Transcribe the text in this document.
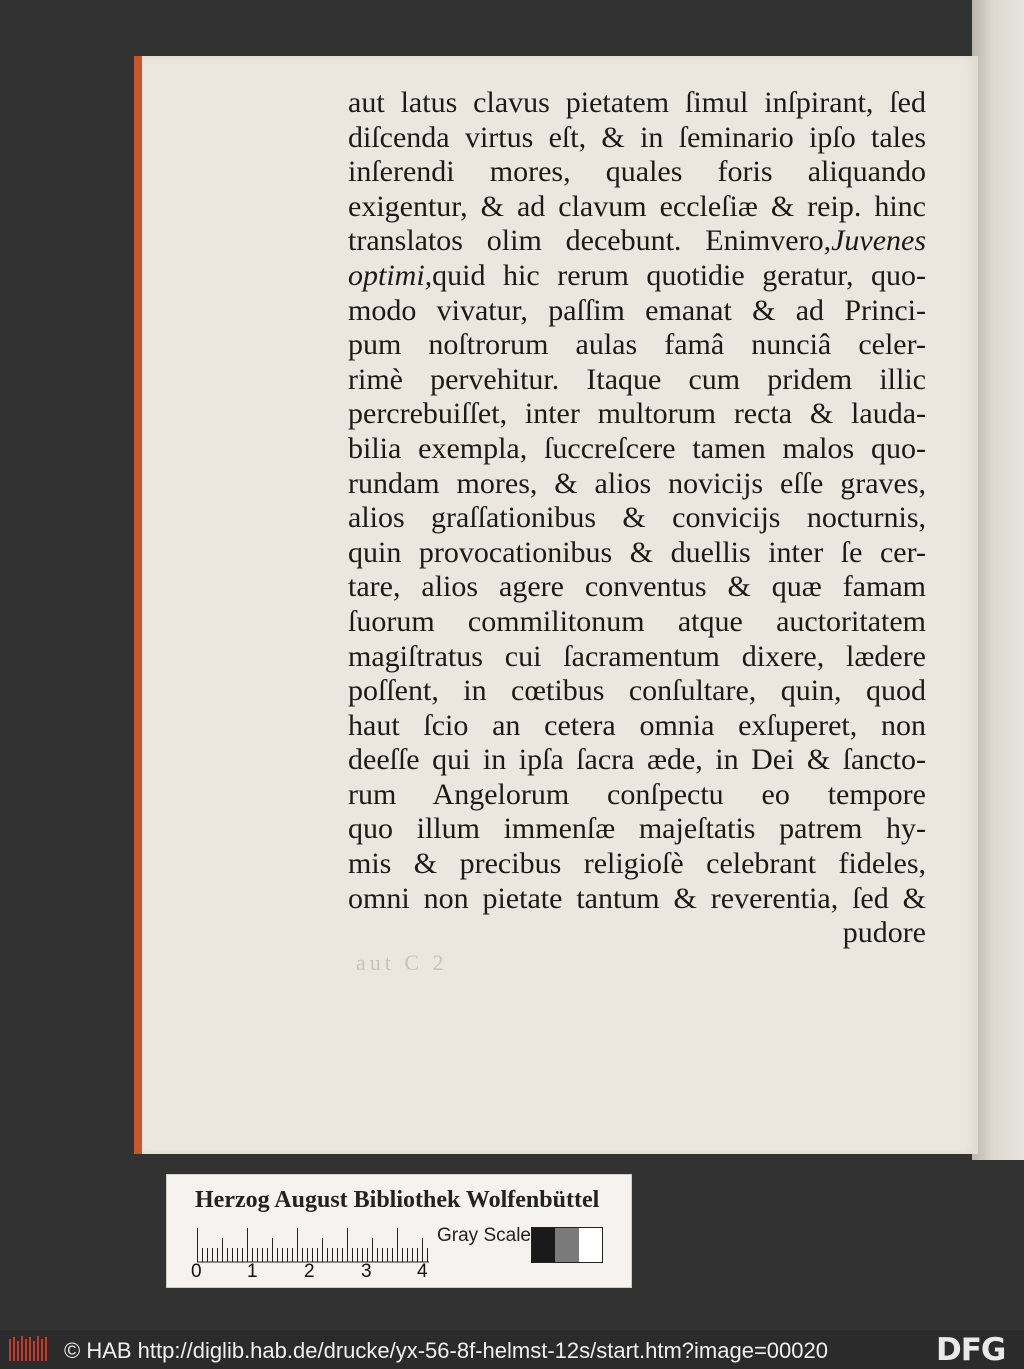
aut latus clavus pietatem ſimul inſpirant, ſed
diſcenda virtus eſt, & in ſeminario ipſo tales
inſerendi mores, quales foris aliquando
exigentur, & ad clavum eccleſiæ & reip. hinc
translatos olim decebunt. Enimvero,Juvenes
optimi,quid hic rerum quotidie geratur, quo-
modo vivatur, paſſim emanat & ad Princi-
pum noſtrorum aulas famâ nunciâ celer-
rimè pervehitur. Itaque cum pridem illic
percrebuiſſet, inter multorum recta & lauda-
bilia exempla, ſuccreſcere tamen malos quo-
rundam mores, & alios novicijs eſſe graves,
alios graſſationibus & convicijs nocturnis,
quin provocationibus & duellis inter ſe cer-
tare, alios agere conventus & quæ famam
ſuorum commilitonum atque auctoritatem
magiſtratus cui ſacramentum dixere, lædere
poſſent, in cœtibus conſultare, quin, quod
haut ſcio an cetera omnia exſuperet, non
deeſſe qui in ipſa ſacra æde, in Dei & ſancto-
rum Angelorum conſpectu eo tempore
quo illum immenſæ majeſtatis patrem hy-
mis & precibus religioſè celebrant fideles,
omni non pietate tantum & reverentia, ſed &
pudore
aut C 2
Herzog August Bibliothek Wolfenbüttel
0 1 2 3 4
Gray Scale
© HAB http://diglib.hab.de/drucke/yx-56-8f-helmst-12s/start.htm?image=00020	DFG
